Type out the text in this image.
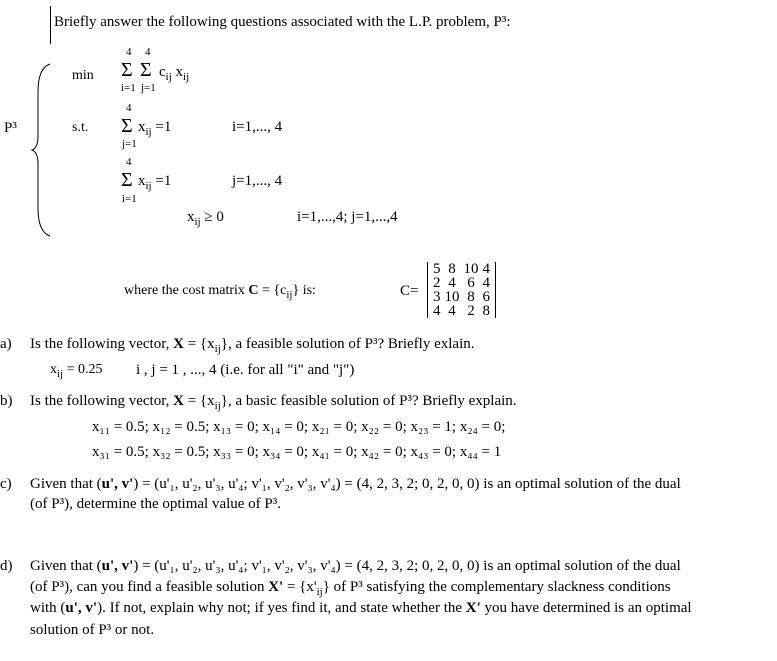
Briefly answer the following questions associated with the L.P. problem, P³:
P³
min
4 4
Σ Σ $c_{ij}$ $x_{ij}$
i=1 j=1
s.t.
4
Σ $x_{ij} =1$
j=1
i=1,..., 4
4
Σ $x_{ij} =1$
i=1
j=1,..., 4
$x_{ij} \ge 0$	i=1,...,4; j=1,...,4
where the cost matrix $C = \{c_{ij}\}$ is:	C=
5	8	10	4
2	4	6	4
3	10	8	6
4	4	2	8
a) Is the following vector, $X = \{x_{ij}\}$, a feasible solution of P³? Briefly exlain.
$x_{ij} = 0.25$ i , j = 1 , ..., 4 (i.e. for all "i" and "j")
b) Is the following vector, $X = \{x_{ij}\}$, a basic feasible solution of P³? Briefly explain.
x₁₁ = 0.5; x₁₂ = 0.5; x₁₃ = 0; x₁₄ = 0; x₂₁ = 0; x₂₂ = 0; x₂₃ = 1; x₂₄ = 0;
x₃₁ = 0.5; x₃₂ = 0.5; x₃₃ = 0; x₃₄ = 0; x₄₁ = 0; x₄₂ = 0; x₄₃ = 0; x₄₄ = 1
c) Given that (u', v') = (u'₁, u'₂, u'₃, u'₄; v'₁, v'₂, v'₃, v'₄) = (4, 2, 3, 2; 0, 2, 0, 0) is an optimal solution of the dual
(of P³), determine the optimal value of P³.
d) Given that (u', v') = (u'₁, u'₂, u'₃, u'₄; v'₁, v'₂, v'₃, v'₄) = (4, 2, 3, 2; 0, 2, 0, 0) is an optimal solution of the dual
(of P³), can you find a feasible solution $X' = \{x'_{ij}\}$ of P³ satisfying the complementary slackness conditions
with (u', v'). If not, explain why not; if yes find it, and state whether the X' you have determined is an optimal
solution of P³ or not.
